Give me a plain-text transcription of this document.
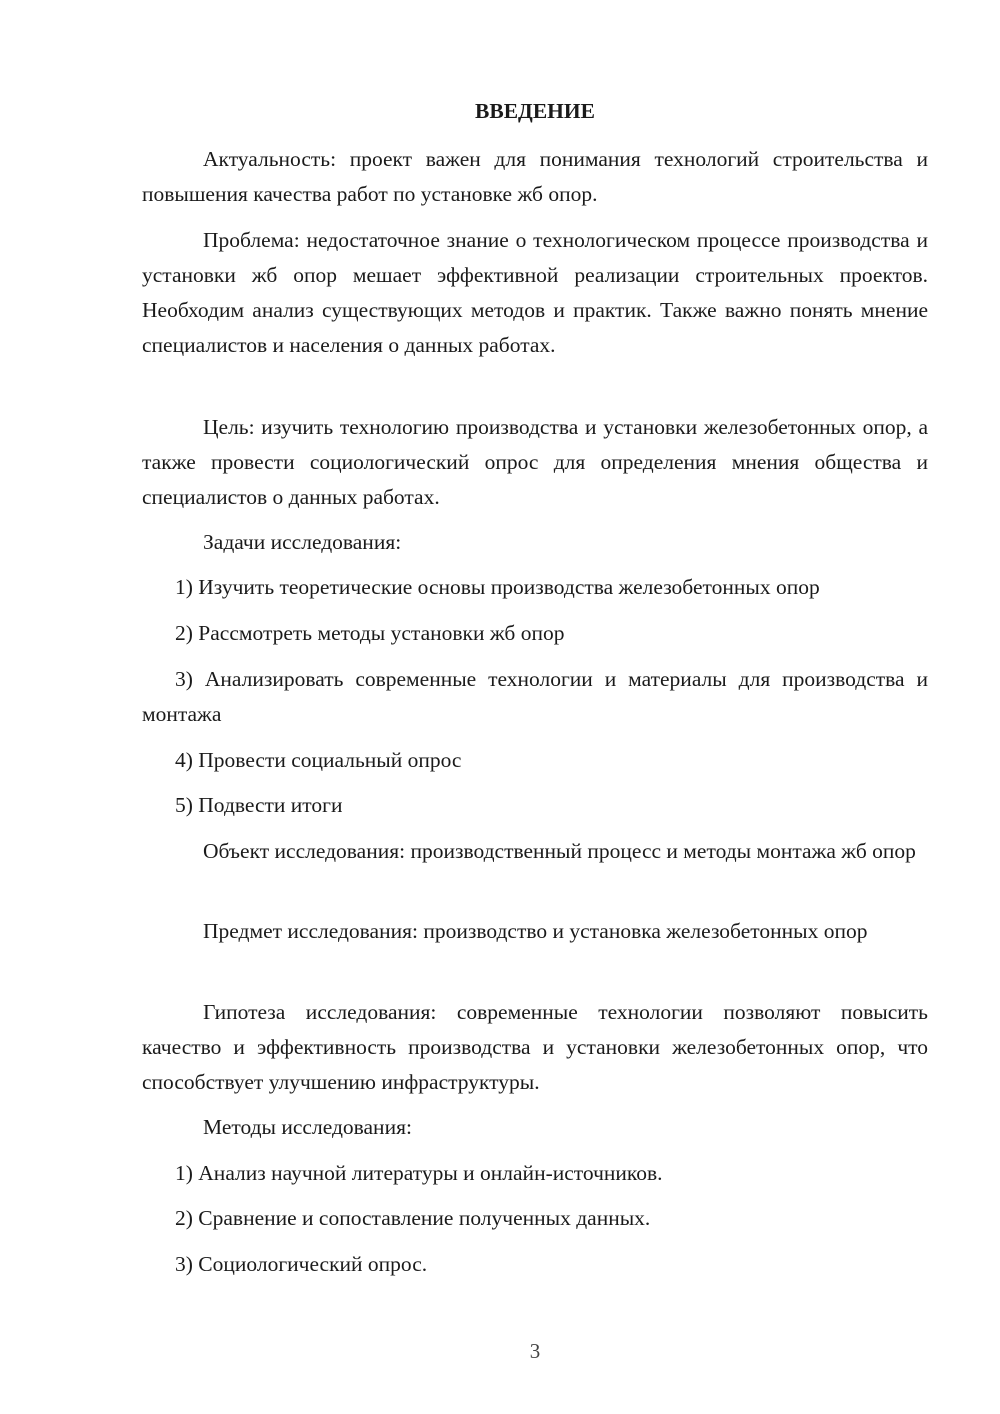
ВВЕДЕНИЕ

Актуальность: проект важен для понимания технологий строительства и повышения качества работ по установке жб опор.

Проблема: недостаточное знание о технологическом процессе производства и установки жб опор мешает эффективной реализации строительных проектов. Необходим анализ существующих методов и практик. Также важно понять мнение специалистов и населения о данных работах.

Цель: изучить технологию производства и установки железобетонных опор, а также провести социологический опрос для определения мнения общества и специалистов о данных работах.

Задачи исследования:

1) Изучить теоретические основы производства железобетонных опор

2) Рассмотреть методы установки жб опор

3) Анализировать современные технологии и материалы для производства и монтажа

4) Провести социальный опрос

5) Подвести итоги

Объект исследования: производственный процесс и методы монтажа жб опор

Предмет исследования: производство и установка железобетонных опор

Гипотеза исследования: современные технологии позволяют повысить качество и эффективность производства и установки железобетонных опор, что способствует улучшению инфраструктуры.

Методы исследования:

1) Анализ научной литературы и онлайн-источников.

2) Сравнение и сопоставление полученных данных.

3) Социологический опрос.

3
